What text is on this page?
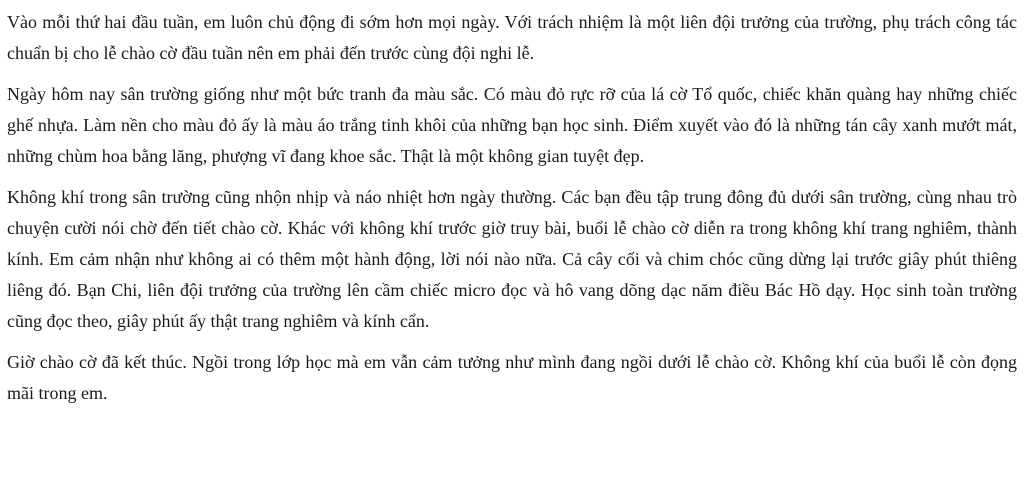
Vào mỗi thứ hai đầu tuần, em luôn chủ động đi sớm hơn mọi ngày. Với trách nhiệm là một liên đội trưởng của trường, phụ trách công tác chuẩn bị cho lễ chào cờ đầu tuần nên em phải đến trước cùng đội nghi lễ.

Ngày hôm nay sân trường giống như một bức tranh đa màu sắc. Có màu đỏ rực rỡ của lá cờ Tổ quốc, chiếc khăn quàng hay những chiếc ghế nhựa. Làm nền cho màu đỏ ấy là màu áo trắng tinh khôi của những bạn học sinh. Điểm xuyết vào đó là những tán cây xanh mướt mát, những chùm hoa bằng lăng, phượng vĩ đang khoe sắc. Thật là một không gian tuyệt đẹp.

Không khí trong sân trường cũng nhộn nhịp và náo nhiệt hơn ngày thường. Các bạn đều tập trung đông đủ dưới sân trường, cùng nhau trò chuyện cười nói chờ đến tiết chào cờ. Khác với không khí trước giờ truy bài, buổi lễ chào cờ diễn ra trong không khí trang nghiêm, thành kính. Em cảm nhận như không ai có thêm một hành động, lời nói nào nữa. Cả cây cối và chim chóc cũng dừng lại trước giây phút thiêng liêng đó. Bạn Chi, liên đội trưởng của trường lên cầm chiếc micro đọc và hô vang dõng dạc năm điều Bác Hồ dạy. Học sinh toàn trường cũng đọc theo, giây phút ấy thật trang nghiêm và kính cẩn.

Giờ chào cờ đã kết thúc. Ngồi trong lớp học mà em vẫn cảm tưởng như mình đang ngồi dưới lễ chào cờ. Không khí của buổi lễ còn đọng mãi trong em.
